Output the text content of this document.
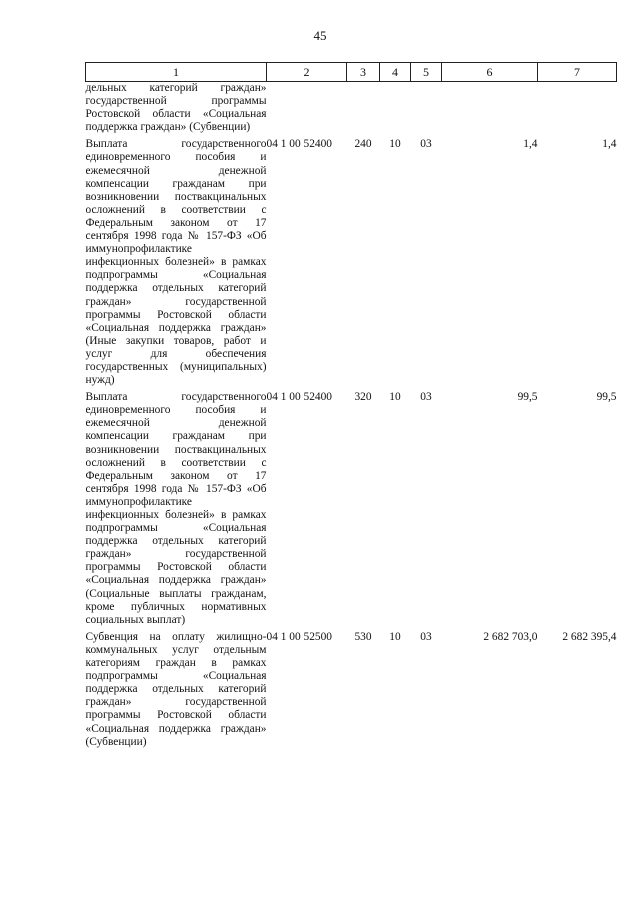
45
1	2	3	4	5	6	7
дельных категорий граждан» государственной программы Ростовской области «Социальная поддержка граждан» (Субвенции)						
Выплата государственного единовременного пособия и ежемесячной денежной компенсации гражданам при возникновении поствакцинальных осложнений в соответствии с Федеральным законом от 17 сентября 1998 года № 157-ФЗ «Об иммунопрофилактике инфекционных болезней» в рамках подпрограммы «Социальная поддержка отдельных категорий граждан» государственной программы Ростовской области «Социальная поддержка граждан» (Иные закупки товаров, работ и услуг для обеспечения государственных (муниципальных) нужд)	04 1 00 52400	240	10	03	1,4	1,4
Выплата государственного единовременного пособия и ежемесячной денежной компенсации гражданам при возникновении поствакцинальных осложнений в соответствии с Федеральным законом от 17 сентября 1998 года № 157-ФЗ «Об иммунопрофилактике инфекционных болезней» в рамках подпрограммы «Социальная поддержка отдельных категорий граждан» государственной программы Ростовской области «Социальная поддержка граждан» (Социальные выплаты гражданам, кроме публичных нормативных социальных выплат)	04 1 00 52400	320	10	03	99,5	99,5
Субвенция на оплату жилищно-коммунальных услуг отдельным категориям граждан в рамках подпрограммы «Социальная поддержка отдельных категорий граждан» государственной программы Ростовской области «Социальная поддержка граждан» (Субвенции)	04 1 00 52500	530	10	03	2 682 703,0	2 682 395,4
